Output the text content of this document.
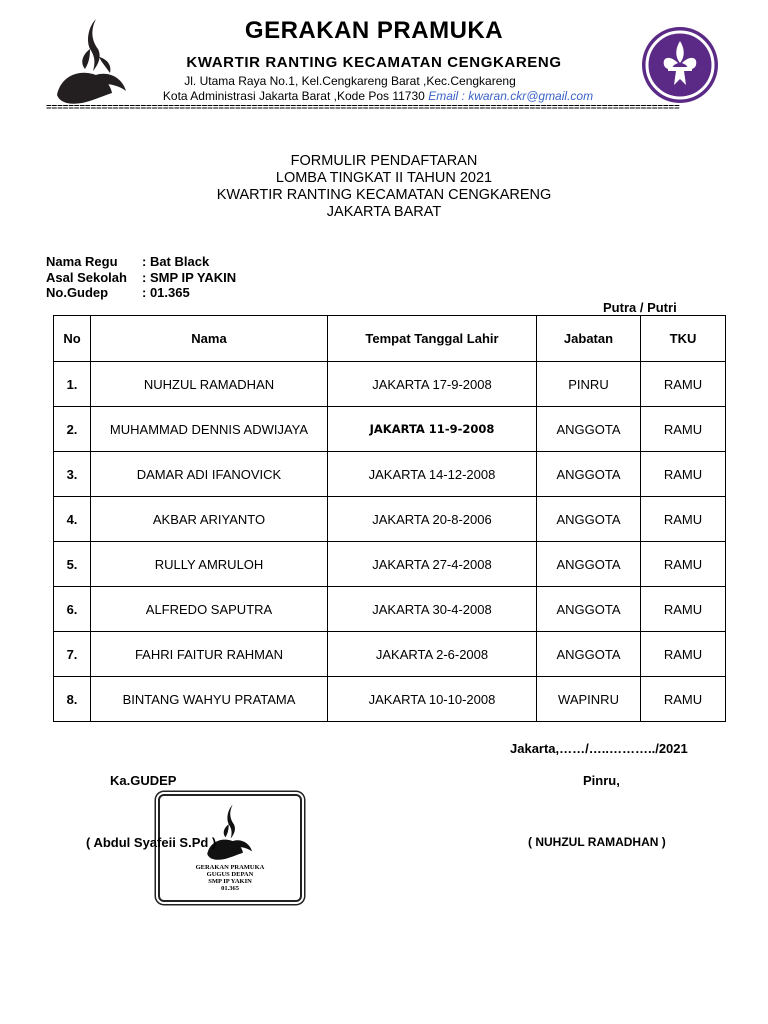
GERAKAN PRAMUKA
KWARTIR RANTING KECAMATAN CENGKARENG
Jl. Utama Raya No.1, Kel.Cengkareng Barat ,Kec.Cengkareng
Kota Administrasi Jakarta Barat ,Kode Pos 11730 Email : kwaran.ckr@gmail.com
==================================================================================================================
FORMULIR PENDAFTARAN
LOMBA TINGKAT II TAHUN 2021
KWARTIR RANTING KECAMATAN CENGKARENG
JAKARTA BARAT
Nama Regu	: Bat Black
Asal Sekolah	: SMP IP YAKIN
No.Gudep	: 01.365
Putra / Putri
No	Nama	Tempat Tanggal Lahir	Jabatan	TKU
1.	NUHZUL RAMADHAN	JAKARTA 17-9-2008	PINRU	RAMU
2.	MUHAMMAD DENNIS ADWIJAYA	JAKARTA 11-9-2008	ANGGOTA	RAMU
3.	DAMAR ADI IFANOVICK	JAKARTA 14-12-2008	ANGGOTA	RAMU
4.	AKBAR ARIYANTO	JAKARTA 20-8-2006	ANGGOTA	RAMU
5.	RULLY AMRULOH	JAKARTA 27-4-2008	ANGGOTA	RAMU
6.	ALFREDO SAPUTRA	JAKARTA 30-4-2008	ANGGOTA	RAMU
7.	FAHRI FAITUR RAHMAN	JAKARTA 2-6-2008	ANGGOTA	RAMU
8.	BINTANG WAHYU PRATAMA	JAKARTA 10-10-2008	WAPINRU	RAMU
Jakarta,……/…..………../2021
Ka.GUDEP	Pinru,
GERAKAN PRAMUKA
GUGUS DEPAN
SMP IP YAKIN
01.365
( Abdul Syafeii S.Pd )	( NUHZUL RAMADHAN )
